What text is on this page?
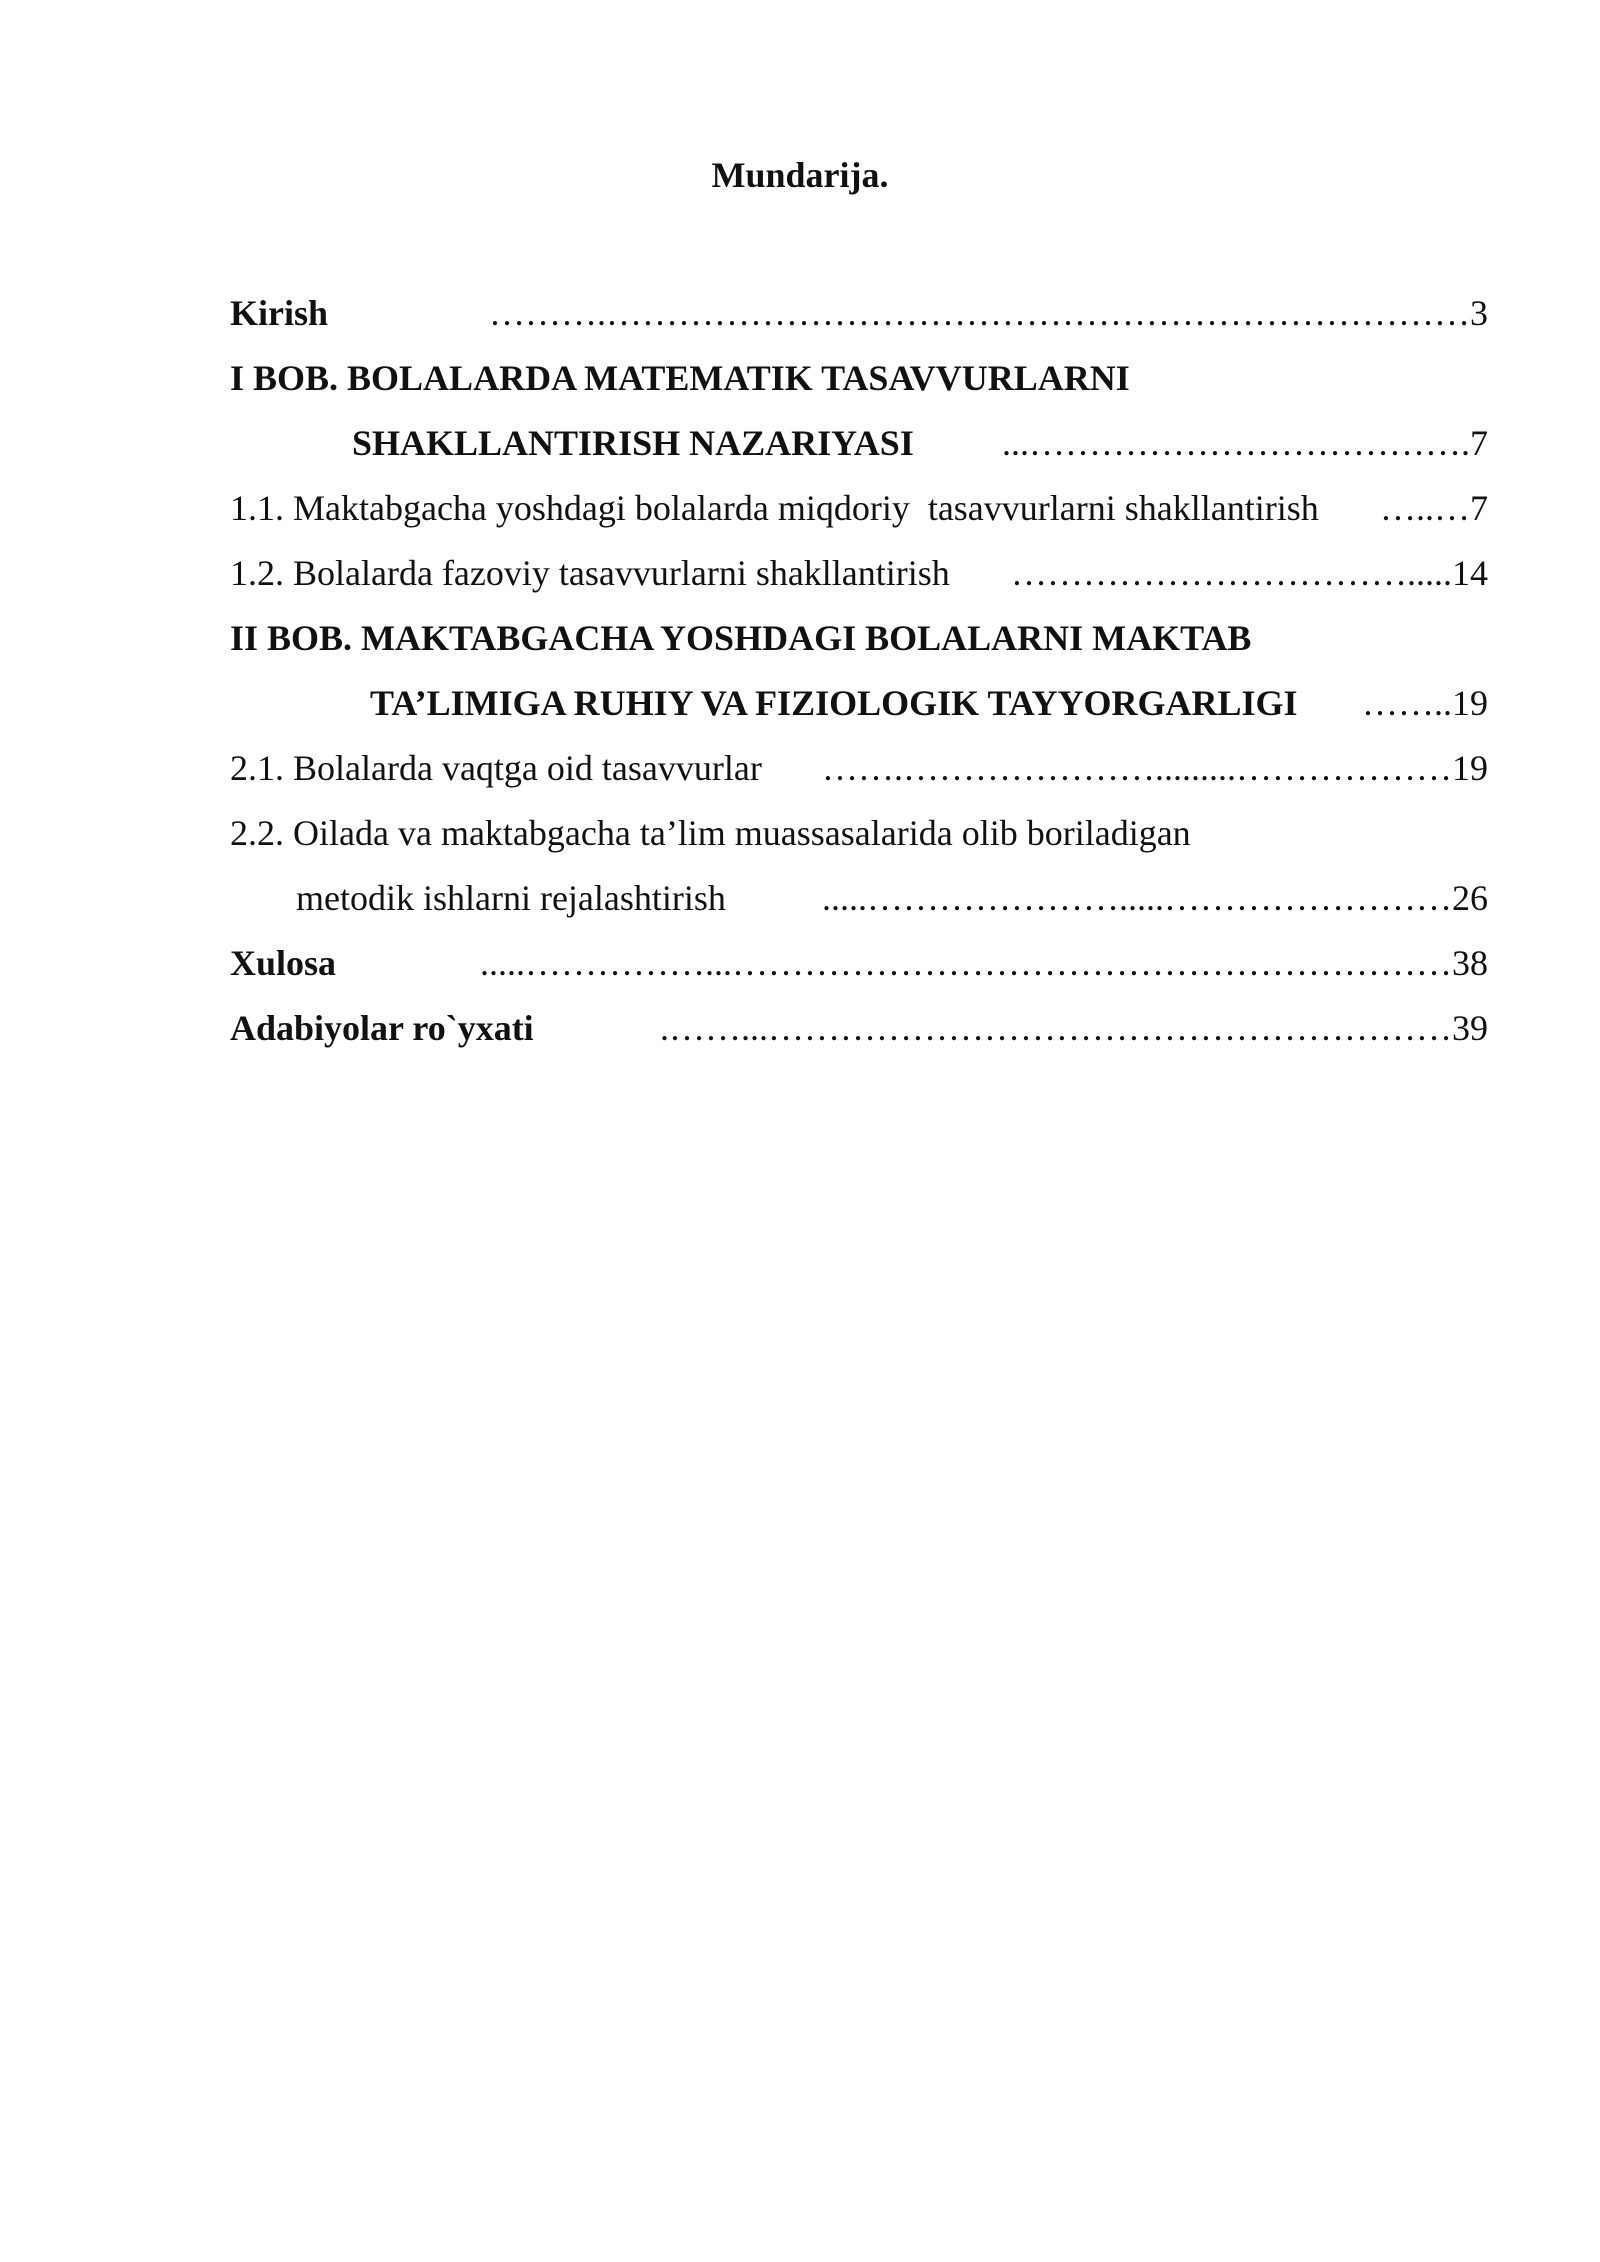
Mundarija.
Kirish	……………………………………………………………….……… 3
I BOB. BOLALARDA MATEMATIK TASAVVURLARNI
SHAKLLANTIRISH NAZARIYASI	………………………………... .7
1.1. Maktabgacha yoshdagi bolalarda miqdoriy  tasavvurlarni shakllantirish	…..… 7
1.2. Bolalarda fazoviy tasavvurlarni shakllantirish	…………………………… .....14
II BOB. MAKTABGACHA YOSHDAGI BOLALARNI MAKTAB
TA’LIMIGA RUHIY VA FIZIOLOGIK TAYYORGARLIGI	…… ..19
2.1. Bolalarda vaqtga oid tasavvurlar	……………….........………………….…… 19
2.2. Oilada va maktabgacha ta’lim muassasalarida olib boriladigan
metodik ishlarni rejalashtirish	…………………….....…………………..... 26
Xulosa	……………………………………………………...……………..... 38
Adabiyolar ro`yxati	…………………………………………………...……. 39
